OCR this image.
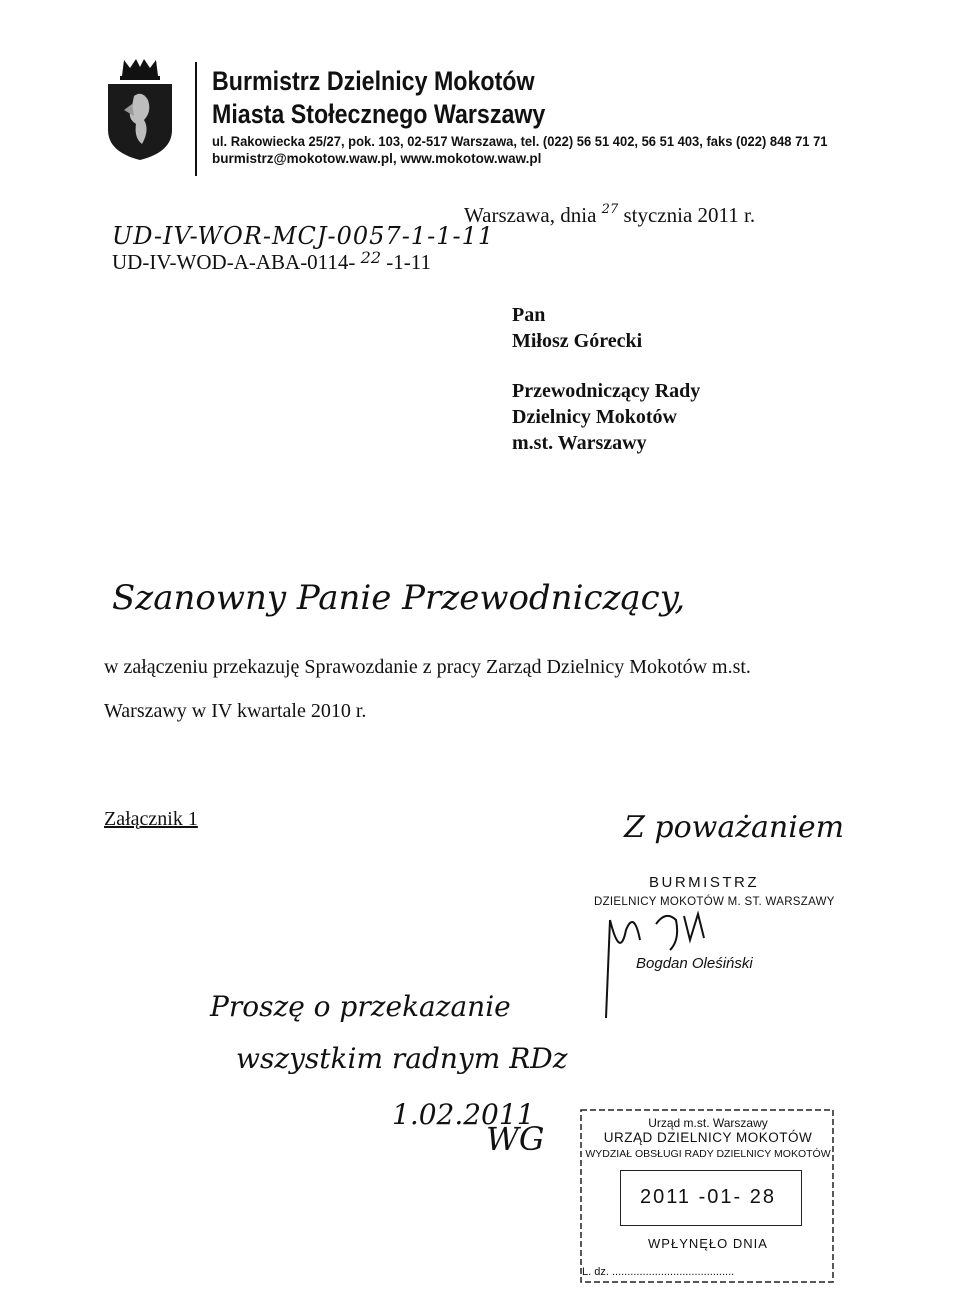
Burmistrz Dzielnicy Mokotów
Miasta Stołecznego Warszawy
ul. Rakowiecka 25/27, pok. 103, 02-517 Warszawa, tel. (022) 56 51 402, 56 51 403, faks (022) 848 71 71
burmistrz@mokotow.waw.pl, www.mokotow.waw.pl
Warszawa, dnia $^{27}$ stycznia 2011 r.
UD-IV-WOR-MCJ-0057-1-1-11
UD-IV-WOD-A-ABA-0114- $^{22}$ -1-11
Pan
Miłosz Górecki
Przewodniczący Rady
Dzielnicy Mokotów
m.st. Warszawy
Szanowny Panie Przewodniczący,
w załączeniu przekazuję Sprawozdanie z pracy Zarząd Dzielnicy Mokotów m.st.
Warszawy w IV kwartale 2010 r.
Załącznik 1	Z poważaniem
BURMISTRZ
DZIELNICY MOKOTÓW M. ST. WARSZAWY
Bogdan Oleśiński
Proszę o przekazanie
wszystkim radnym RDz
1.02.2011
WG	Urząd m.st. Warszawy
URZĄD DZIELNICY MOKOTÓW
WYDZIAŁ OBSŁUGI RADY DZIELNICY MOKOTÓW
2011 -01- 28
WPŁYNĘŁO DNIA
L. dz. ........................................
